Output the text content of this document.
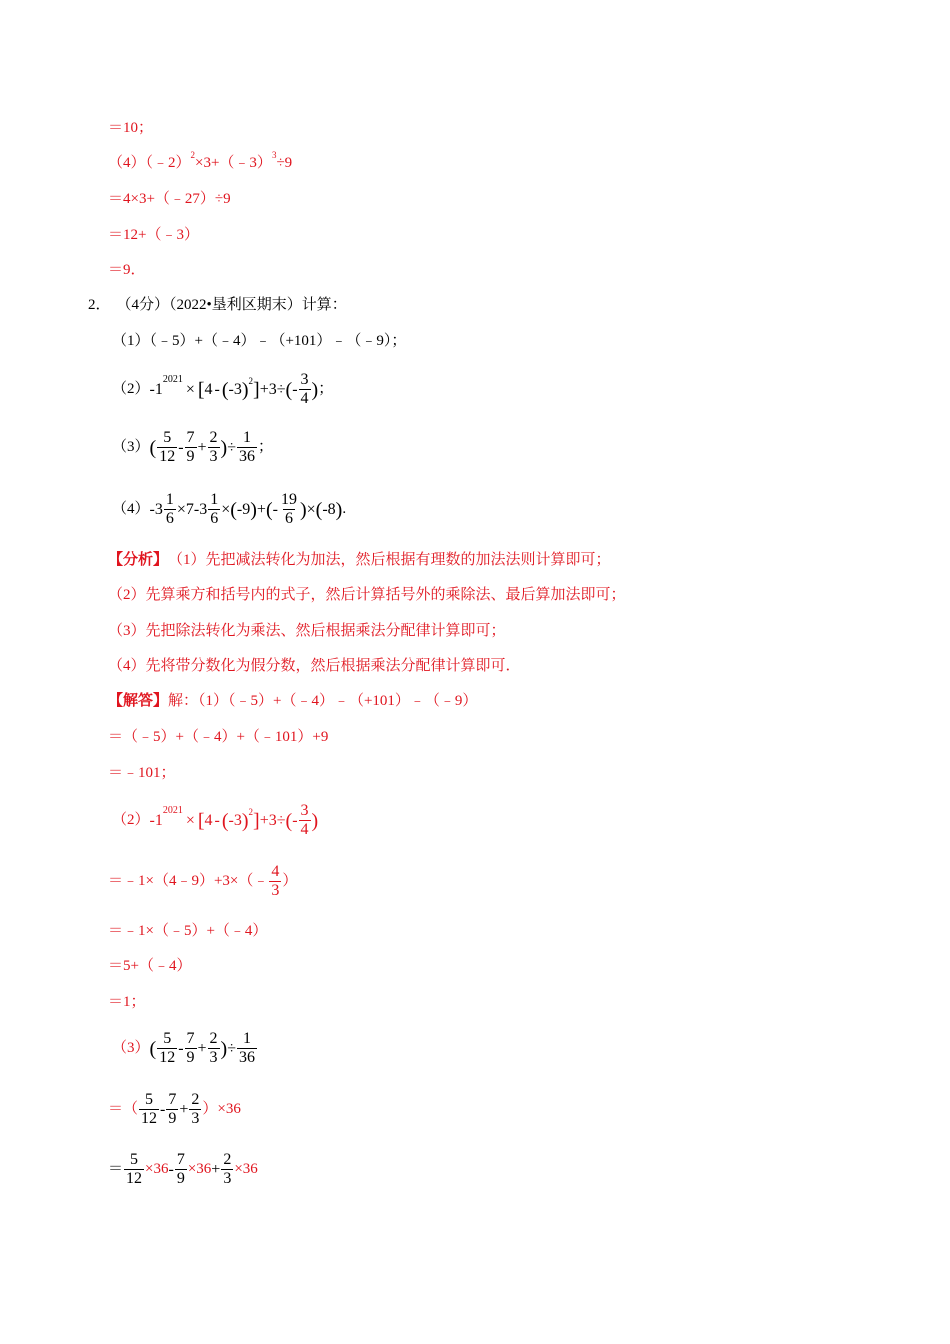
＝10；
（4）（﹣2） 2 ×3+（﹣3） 3 ÷9
＝4×3+（﹣27）÷9
＝12+（﹣3）
＝9．
2． （4分）（2022•垦利区期末）计算：
（1）（﹣5）+（﹣4）﹣（+101）﹣（﹣9）；
（2） - 1
2021
× [ 4 - ( -3 ) 2 ] + 3 ÷ ( - $\frac{3}{4}$ ) ；
（3） ( $\frac{5}{12} - \frac{7}{9} + \frac{2}{3}$ ) ÷ $\frac{1}{36}$ ；
$(4) - 3 \frac{1}{6} \times 7 - 3 \frac{1}{6}$ × ( -9 ) + ( - $\frac{19}{6}$ ) × ( -8 ) .
【分析】 （1）先把减法转化为加法，然后根据有理数的加法法则计算即可；
（2）先算乘方和括号内的式子，然后计算括号外的乘除法、最后算加法即可；
（3）先把除法转化为乘法、然后根据乘法分配律计算即可；
（4）先将带分数化为假分数，然后根据乘法分配律计算即可．
【解答】 解：（1）（﹣5）+（﹣4）﹣（+101）﹣（﹣9）
＝（﹣5）+（﹣4）+（﹣101）+9
＝﹣101；
（2） - 1
2021
× [ 4 - ( -3 ) 2 ] + 3 ÷ ( - $\frac{3}{4}$ )
＝﹣1×（4﹣9）+3×（﹣ $\frac{4}{3}$ ）
＝﹣1×（﹣5）+（﹣4）
＝5+（﹣4）
＝1；
（3） ( $\frac{5}{12} - \frac{7}{9} + \frac{2}{3}$ ) ÷ $\frac{1}{36}$
＝（ $\frac{5}{12} - \frac{7}{9} + \frac{2}{3} )\times 36$
＝ $\frac{5}{12} \times 36 - \frac{7}{9} \times 36 + \frac{2}{3} \times 36$
